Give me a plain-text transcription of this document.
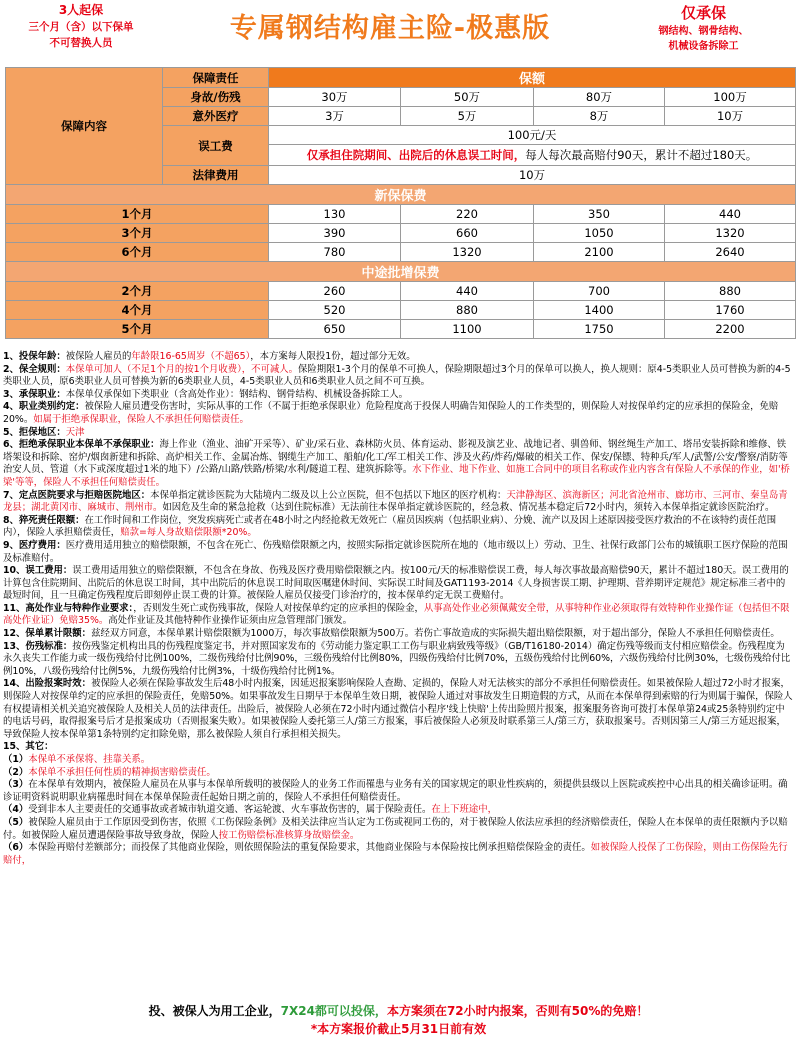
3人起保
三个月（含）以下保单
不可替换人员	专属钢结构雇主险-极惠版	仅承保
钢结构、钢骨结构、
机械设备拆除工
保障内容	保障责任	保额			
	身故/伤残	30万	50万	80万	100万
	意外医疗	3万	5万	8万	10万
	误工费	100元/天			
		仅承担住院期间、出院后的休息误工时间，每人每次最高赔付90天，累计不超过180天。			
	法律费用	10万			
新保保费					
1个月		130	220	350	440
3个月		390	660	1050	1320
6个月		780	1320	2100	2640
中途批增保费					
2个月		260	440	700	880
4个月		520	880	1400	1760
5个月		650	1100	1750	2200

1、投保年龄：被保险人雇员的年龄限16-65周岁（不超65），本方案每人限投1份，超过部分无效。

2、保全规则：本保单可加人（不足1个月的按1个月收费），不可减人。保险期限1-3个月的保单不可换人，保险期限超过3个月的保单可以换人，换人规则：原4-5类职业人员可替换为新的4-5类职业人员，原6类职业人员可替换为新的6类职业人员，4-5类职业人员和6类职业人员之间不可互换。

3、承保职业：本保单仅承保如下类职业（含高处作业）：钢结构、钢骨结构、机械设备拆除工人。

4、职业类别约定：被保险人雇员遭受伤害时，实际从事的工作（不属于拒绝承保职业）危险程度高于投保人明确告知保险人的工作类型的，则保险人对按保单约定的应承担的保险金，免赔20%。如属于拒绝承保职业，保险人不承担任何赔偿责任。

5、拒保地区：天津

6、拒绝承保职业本保单不承保职业：海上作业（渔业、油矿开采等）、矿业/采石业、森林防火员、体育运动、影视及演艺业、战地记者、驯兽师、钢丝绳生产加工、塔吊安装拆除和维修、铁塔架设和拆除、窑炉/烟囱新建和拆除、高炉相关工作、金属冶炼、钢缆生产加工、船舶/化工/军工相关工作、涉及火药/炸药/爆破的相关工作、保安/保镖、特种兵/军人/武警/公安/警察/消防等治安人员、管道（水下或深度超过1米的地下）/公路/山路/铁路/桥梁/水利/隧道工程、建筑拆除等。水下作业、地下作业、如施工合同中的项目名称或作业内容含有保险人不承保的作业，如'桥梁'等等，保险人不承担任何赔偿责任。

7、定点医院要求与拒赔医院地区：本保单指定就诊医院为大陆境内二级及以上公立医院，但不包括以下地区的医疗机构：天津静海区、滨海新区；河北省沧州市、廊坊市、三河市、秦皇岛青龙县；湖北黄冈市、麻城市、荆州市。如因危及生命的紧急抢救（达到住院标准）无法前往本保单指定就诊医院的，经急救、情况基本稳定后72小时内，须转入本保单指定就诊医院治疗。

8、猝死责任限额：在工作时间和工作岗位，突发疾病死亡或者在48小时之内经抢救无效死亡（雇员因疾病（包括职业病）、分娩、流产以及因上述原因接受医疗救治的不在该特约责任范围内），保险人承担赔偿责任，赔款=每人身故赔偿限额*20%。

9、医疗费用：医疗费用适用独立的赔偿限额，不包含在死亡、伤残赔偿限额之内，按照实际指定就诊医院所在地的（地市级以上）劳动、卫生、社保行政部门公布的城镇职工医疗保险的范围及标准赔付。

10、误工费用：误工费用适用独立的赔偿限额，不包含在身故、伤残及医疗费用赔偿限额之内。按100元/天的标准赔偿误工费，每人每次事故最高赔偿90天，累计不超过180天。误工费用的计算包含住院期间、出院后的休息误工时间，其中出院后的休息误工时间取医嘱建休时间、实际误工时间及GAT1193-2014《人身损害误工期、护理期、营养期评定规范》规定标准三者中的最短时间，且一旦确定伤残程度后即刻停止误工费的计算。被保险人雇员仅接受门诊治疗的，按本保单约定无误工费赔付。

11、高处作业与特种作业要求：，否则发生死亡或伤残事故，保险人对按保单约定的应承担的保险金，从事高处作业必须佩戴安全带，从事特种作业必须取得有效特种作业操作证（包括但不限高处作业证）免赔35%。高处作业证及其他特种作业操作证须由应急管理部门颁发。

12、保单累计限额：兹经双方同意，本保单累计赔偿限额为1000万，每次事故赔偿限额为500万。若伤亡事故造成的实际损失超出赔偿限额，对于超出部分，保险人不承担任何赔偿责任。

13、伤残标准：按伤残鉴定机构出具的伤残程度鉴定书，并对照国家发布的《劳动能力鉴定职工工伤与职业病致残等级》（GB/T16180-2014）确定伤残等级而支付相应赔偿金。伤残程度为永久丧失工作能力或一级伤残给付比例100%，二级伤残给付比例90%，三级伤残给付比例80%，四级伤残给付比例70%，五级伤残给付比例60%，六级伤残给付比例30%，七级伤残给付比例10%，八级伤残给付比例5%，九级伤残给付比例3%，十级伤残给付比例1%。

14、出险报案时效：被保险人必须在保险事故发生后48小时内报案，因延迟报案影响保险人查勘、定损的，保险人对无法核实的部分不承担任何赔偿责任。如果被保险人超过72小时才报案，则保险人对按保单约定的应承担的保险责任，免赔50%。如果事故发生日期早于本保单生效日期，被保险人通过对事故发生日期造假的方式，从而在本保单得到索赔的行为则属于骗保，保险人有权提请相关机关追究被保险人及相关人员的法律责任。出险后，被保险人必须在72小时内通过微信小程序'线上快赔'上传出险照片报案，报案服务咨询可拨打本保单第24或25条特别约定中的电话号码，取得报案号后才是报案成功（否则报案失败）。如果被保险人委托第三人/第三方报案，事后被保险人必须及时联系第三人/第三方，获取报案号。否则因第三人/第三方延迟报案，导致保险人按本保单第1条特别约定扣除免赔，那么被保险人须自行承担相关损失。

15、其它：

（1）本保单不承保将、挂靠关系。

（2）本保单不承担任何性质的精神损害赔偿责任。

（3）在本保单有效期内，被保险人雇员在从事与本保单所载明的被保险人的业务工作而罹患与业务有关的国家规定的职业性疾病的，须提供县级以上医院或疾控中心出具的相关确诊证明。确诊证明资料说明职业病罹患时间在本保单保险责任起始日期之前的，保险人不承担任何赔偿责任。

（4）受到非本人主要责任的交通事故或者城市轨道交通、客运轮渡、火车事故伤害的，属于保险责任。在上下班途中，

（5）被保险人雇员由于工作原因受到伤害，依照《工伤保险条例》及相关法律应当认定为工伤或视同工伤的，对于被保险人依法应承担的经济赔偿责任，保险人在本保单的责任限额内予以赔付。如被保险人雇员遭遇保险事故导致身故，保险人按工伤赔偿标准核算身故赔偿金。

（6）本保险再赔付差额部分；而投保了其他商业保险，则依照保险法的重复保险要求，其他商业保险与本保险按比例承担赔偿保险金的责任。如被保险人投保了工伤保险，则由工伤保险先行赔付，

投、被保人为用工企业，7X24都可以投保，本方案须在72小时内报案，否则有50%的免赔！
*本方案报价截止5月31日前有效
